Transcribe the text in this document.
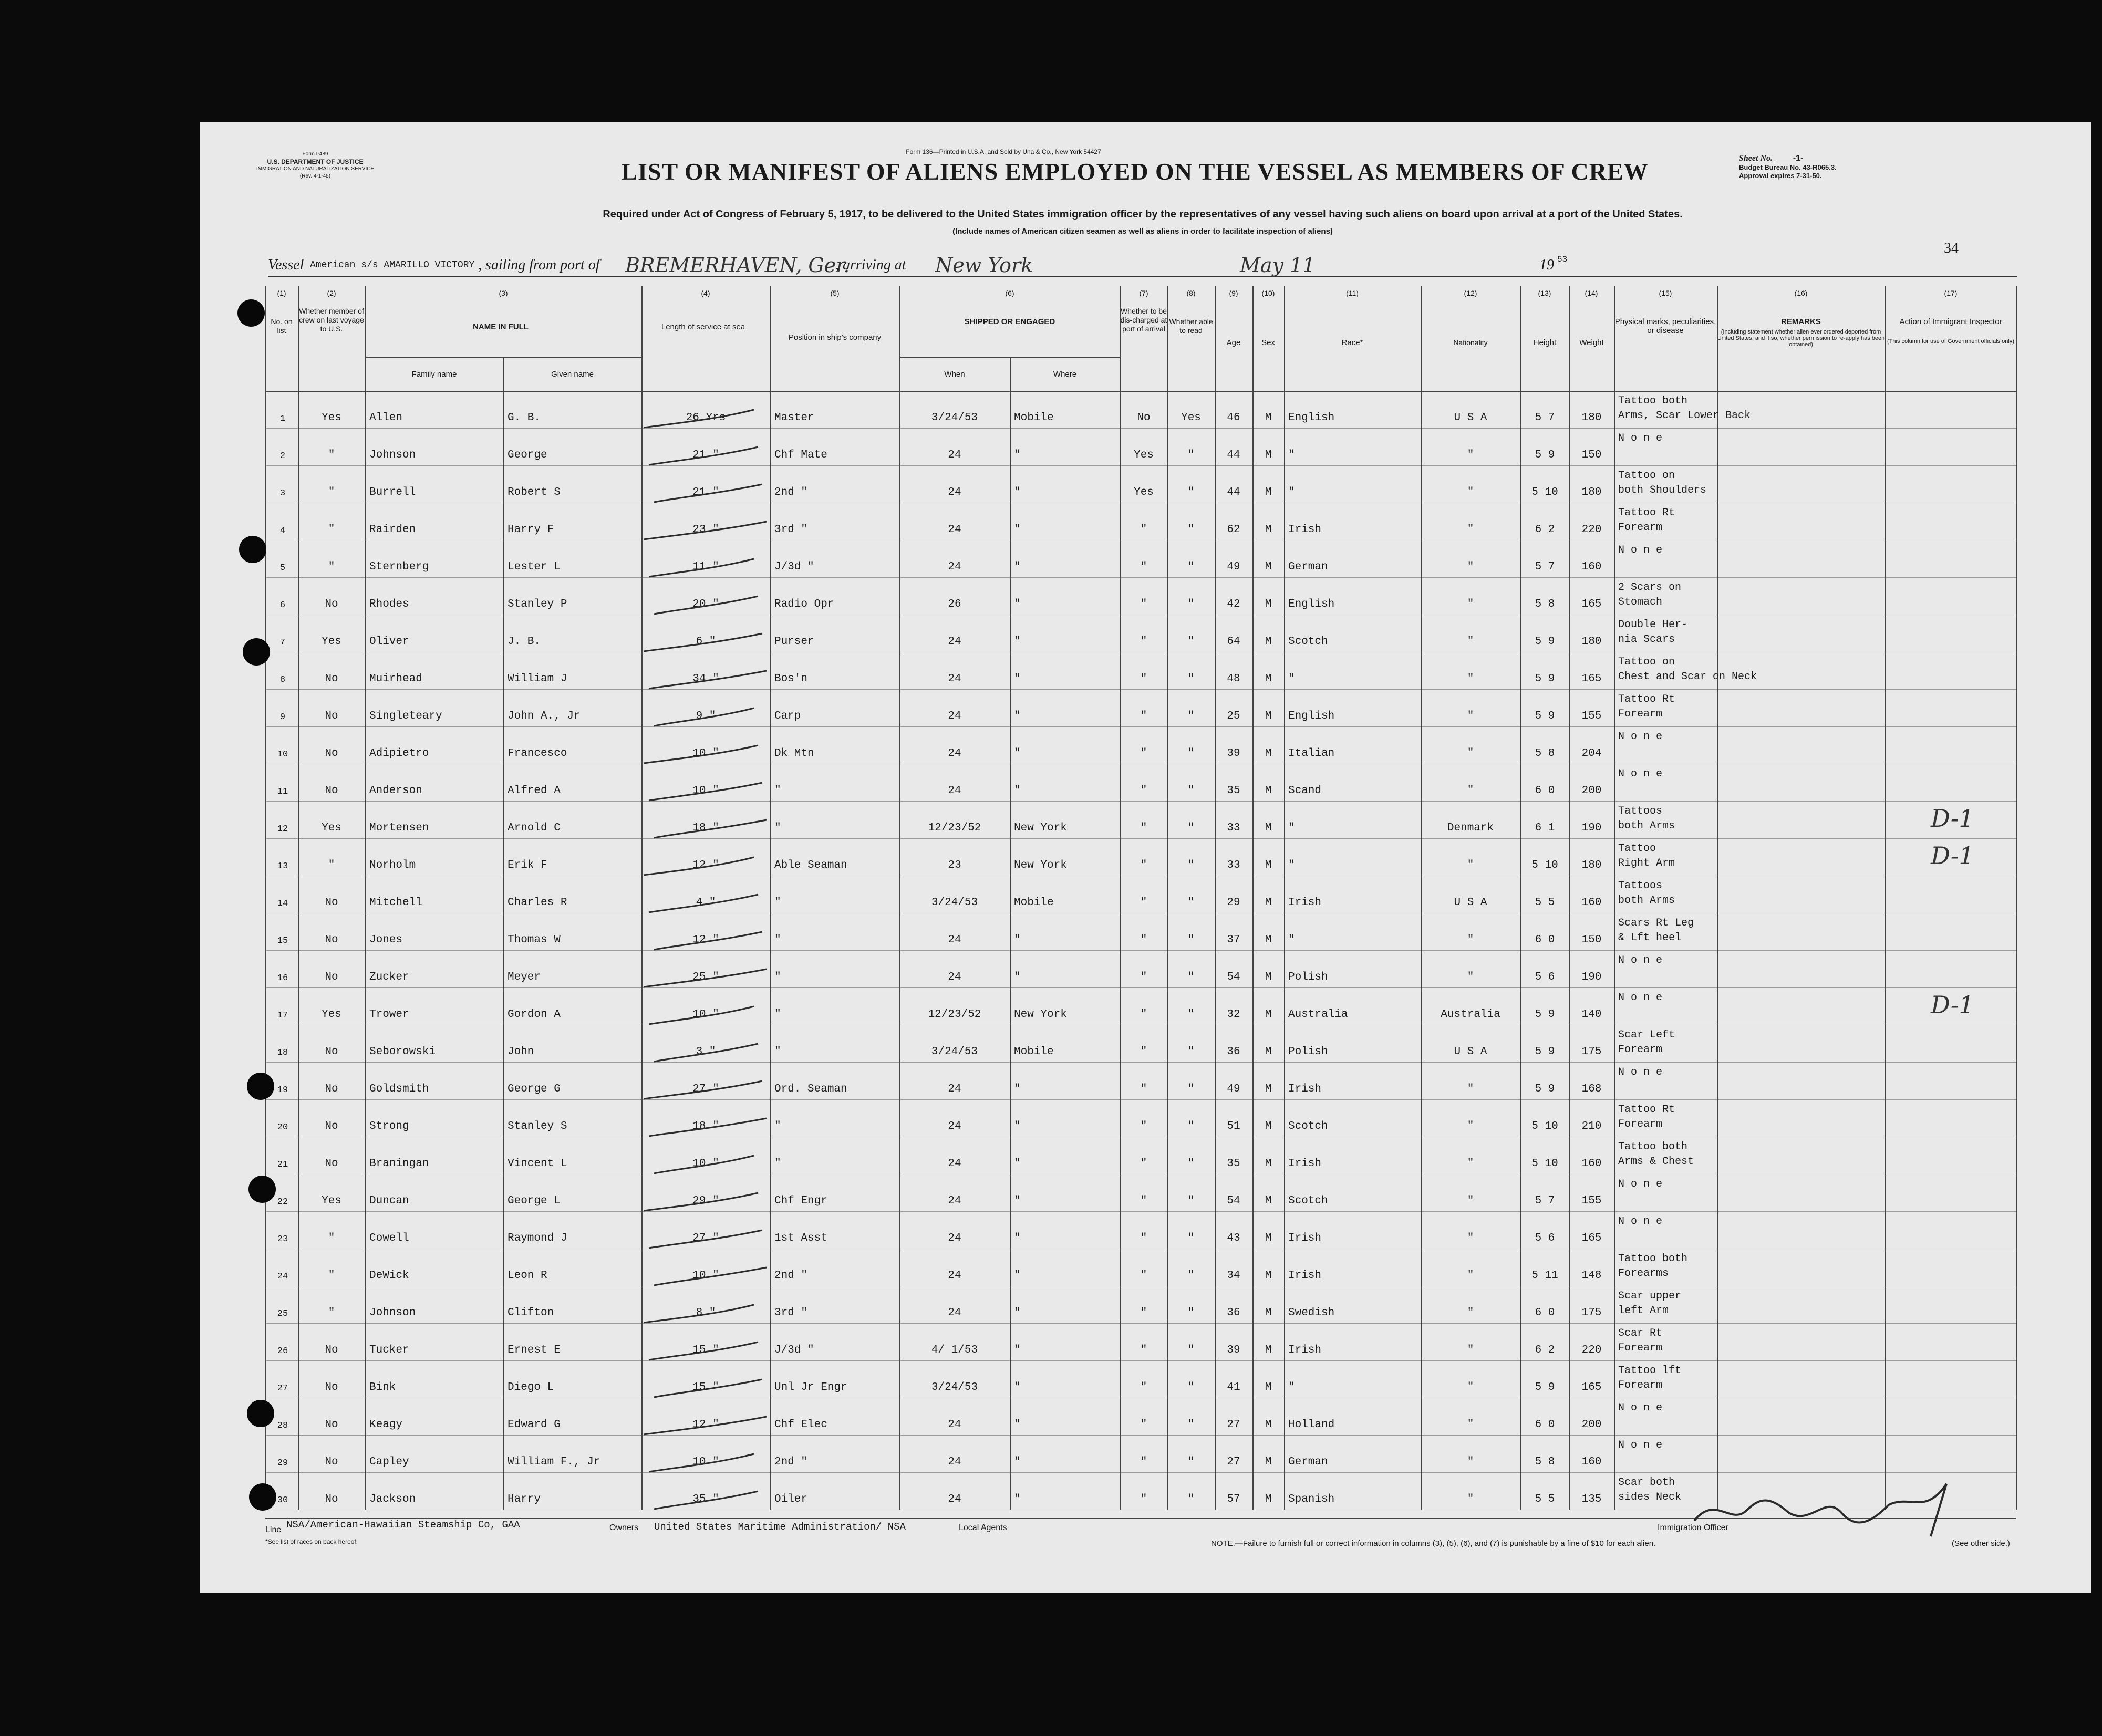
Form I-489
U.S. DEPARTMENT OF JUSTICE
IMMIGRATION AND NATURALIZATION SERVICE
(Rev. 4-1-45)
Form 136—Printed in U.S.A. and Sold by Una & Co., New York 54427
LIST OR MANIFEST OF ALIENS EMPLOYED ON THE VESSEL AS MEMBERS OF CREW	Sheet No. -1-
Budget Bureau No. 43-R065.3.
Approval expires 7-31-50.
34
Required under Act of Congress of February 5, 1917, to be delivered to the United States immigration officer by the representatives of any vessel having such aliens on board upon arrival at a port of the United States.
(Include names of American citizen seamen as well as aliens in order to facilitate inspection of aliens)
Vessel American s/s AMARILLO VICTORY , sailing from port of BREMERHAVEN, Ger.
, arriving at New York	May 11	19 53
(1)	(2)	(3)	(4)	(5)	(6)	(7)	(8)	(9)	(10)	(11)	(12)	(13)	(14)	(15)	(16)	(17)
No. on list
Whether member of crew on last voyage to U.S.	NAME IN FULL
Family name	Given name
Length of service at sea
Position in ship's company
SHIPPED OR ENGAGED
When	Where
Whether to be dis-charged at port of arrival
Whether able to read
Age	Sex	Race*	Nationality	Height	Weight
Physical marks, peculiarities, or disease
REMARKS
(Including statement whether alien ever ordered deported from United States, and if so, whether permission to re-apply has been obtained)
Action of Immigrant Inspector
(This column for use of Government officials only)
1	Yes	Allen	G. B.	26 Yrs	Master	3/24/53	Mobile	No	Yes	46	M	English	U S A	5 7	180
Tattoo both
Arms, Scar Lower Back
2	"	Johnson	George	21 "	Chf Mate	24	"	Yes	"	44	M	"	"	5 9	150
N o n e
3	"	Burrell	Robert S	21 "	2nd "	24	"	Yes	"	44	M	"	"	5 10	180
Tattoo on
both Shoulders
4	"	Rairden	Harry F	23 "	3rd "	24	"	"	"	62	M	Irish	"	6 2	220
Tattoo Rt
Forearm
5	"	Sternberg	Lester L	11 "	J/3d "	24	"	"	"	49	M	German	"	5 7	160
N o n e
6	No	Rhodes	Stanley P	20 "	Radio Opr	26	"	"	"	42	M	English	"	5 8	165
2 Scars on
Stomach
7	Yes	Oliver	J. B.	6 "	Purser	24	"	"	"	64	M	Scotch	"	5 9	180
Double Her-
nia Scars
8	No	Muirhead	William J	34 "	Bos'n	24	"	"	"	48	M	"	"	5 9	165
Tattoo on
Chest and Scar on Neck
9	No	Singleteary	John A., Jr	9 "	Carp	24	"	"	"	25	M	English	"	5 9	155
Tattoo Rt
Forearm
10	No	Adipietro	Francesco	10 "	Dk Mtn	24	"	"	"	39	M	Italian	"	5 8	204
N o n e
11	No	Anderson	Alfred A	10 "	"	24	"	"	"	35	M	Scand	"	6 0	200
N o n e
12	Yes	Mortensen	Arnold C	18 "	"	12/23/52	New York	"	"	33	M	"	Denmark	6 1	190
Tattoos
both Arms	D-1
13	"	Norholm	Erik F	12 "	Able Seaman	23	New York	"	"	33	M	"	"	5 10	180
Tattoo
Right Arm	D-1
14	No	Mitchell	Charles R	4 "	"	3/24/53	Mobile	"	"	29	M	Irish	U S A	5 5	160
Tattoos
both Arms
15	No	Jones	Thomas W	12 "	"	24	"	"	"	37	M	"	"	6 0	150
Scars Rt Leg
& Lft heel
16	No	Zucker	Meyer	25 "	"	24	"	"	"	54	M	Polish	"	5 6	190
N o n e
17	Yes	Trower	Gordon A	10 "	"	12/23/52	New York	"	"	32	M	Australia	Australia	5 9	140
N o n e	D-1
18	No	Seborowski	John	3 "	"	3/24/53	Mobile	"	"	36	M	Polish	U S A	5 9	175
Scar Left
Forearm
19	No	Goldsmith	George G	27 "	Ord. Seaman	24	"	"	"	49	M	Irish	"	5 9	168
N o n e
20	No	Strong	Stanley S	18 "	"	24	"	"	"	51	M	Scotch	"	5 10	210
Tattoo Rt
Forearm
21	No	Braningan	Vincent L	10 "	"	24	"	"	"	35	M	Irish	"	5 10	160
Tattoo both
Arms & Chest
22	Yes	Duncan	George L	29 "	Chf Engr	24	"	"	"	54	M	Scotch	"	5 7	155
N o n e
23	"	Cowell	Raymond J	27 "	1st Asst	24	"	"	"	43	M	Irish	"	5 6	165
N o n e
24	"	DeWick	Leon R	10 "	2nd "	24	"	"	"	34	M	Irish	"	5 11	148
Tattoo both
Forearms
25	"	Johnson	Clifton	8 "	3rd "	24	"	"	"	36	M	Swedish	"	6 0	175
Scar upper
left Arm
26	No	Tucker	Ernest E	15 "	J/3d "	4/ 1/53	"	"	"	39	M	Irish	"	6 2	220
Scar Rt
Forearm
27	No	Bink	Diego L	15 "	Unl Jr Engr	3/24/53	"	"	"	41	M	"	"	5 9	165
Tattoo lft
Forearm
28	No	Keagy	Edward G	12 "	Chf Elec	24	"	"	"	27	M	Holland	"	6 0	200
N o n e
29	No	Capley	William F., Jr	10 "	2nd "	24	"	"	"	27	M	German	"	5 8	160
N o n e
30	No	Jackson	Harry	35 "	Oiler	24	"	"	"	57	M	Spanish	"	5 5	135
Scar both
sides Neck
Line NSA/American-Hawaiian Steamship Co, GAA	Owners United States Maritime Administration/ NSA	Local Agents	Immigration Officer
*See list of races on back hereof.	NOTE.—Failure to furnish full or correct information in columns (3), (5), (6), and (7) is punishable by a fine of $10 for each alien.	(See other side.)
